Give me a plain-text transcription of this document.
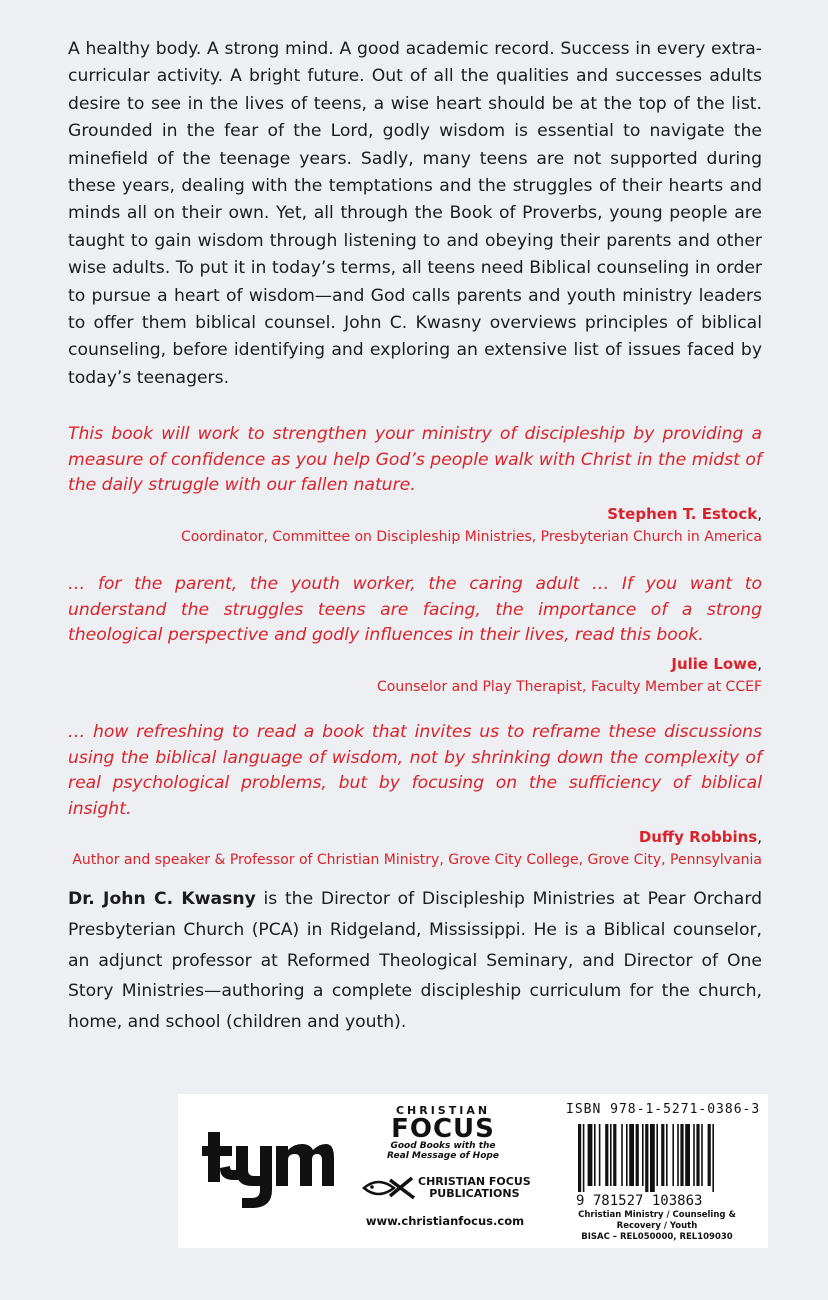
A healthy body. A strong mind. A good academic record. Success in every extra-curricular activity. A bright future. Out of all the qualities and successes adults desire to see in the lives of teens, a wise heart should be at the top of the list. Grounded in the fear of the Lord, godly wisdom is essential to navigate the minefield of the teenage years. Sadly, many teens are not supported during these years, dealing with the temptations and the struggles of their hearts and minds all on their own. Yet, all through the Book of Proverbs, young people are taught to gain wisdom through listening to and obeying their parents and other wise adults. To put it in today’s terms, all teens need Biblical counseling in order to pursue a heart of wisdom—and God calls parents and youth ministry leaders to offer them biblical counsel. John C. Kwasny overviews principles of biblical counseling, before identifying and exploring an extensive list of issues faced by today’s teenagers.

This book will work to strengthen your ministry of discipleship by providing a measure of confidence as you help God’s people walk with Christ in the midst of the daily struggle with our fallen nature.

Stephen T. Estock,
Coordinator, Committee on Discipleship Ministries, Presbyterian Church in America

… for the parent, the youth worker, the caring adult … If you want to understand the struggles teens are facing, the importance of a strong theological perspective and godly influences in their lives, read this book.

Julie Lowe,
Counselor and Play Therapist, Faculty Member at CCEF

… how refreshing to read a book that invites us to reframe these discussions using the biblical language of wisdom, not by shrinking down the complexity of real psychological problems, but by focusing on the sufficiency of biblical insight.

Duffy Robbins,
Author and speaker & Professor of Christian Ministry, Grove City College, Grove City, Pennsylvania

Dr. John C. Kwasny is the Director of Discipleship Ministries at Pear Orchard Presbyterian Church (PCA) in Ridgeland, Mississippi. He is a Biblical counselor, an adjunct professor at Reformed Theological Seminary, and Director of One Story Ministries—authoring a complete discipleship curriculum for the church, home, and school (children and youth).

tym
CHRISTIAN
FOCUS
Good Books with the
Real Message of Hope
CHRISTIAN FOCUS
PUBLICATIONS
www.christianfocus.com
ISBN 978-1-5271-0386-3
9 781527 103863
Christian Ministry / Counseling & Recovery / Youth
BISAC – REL050000, REL109030
